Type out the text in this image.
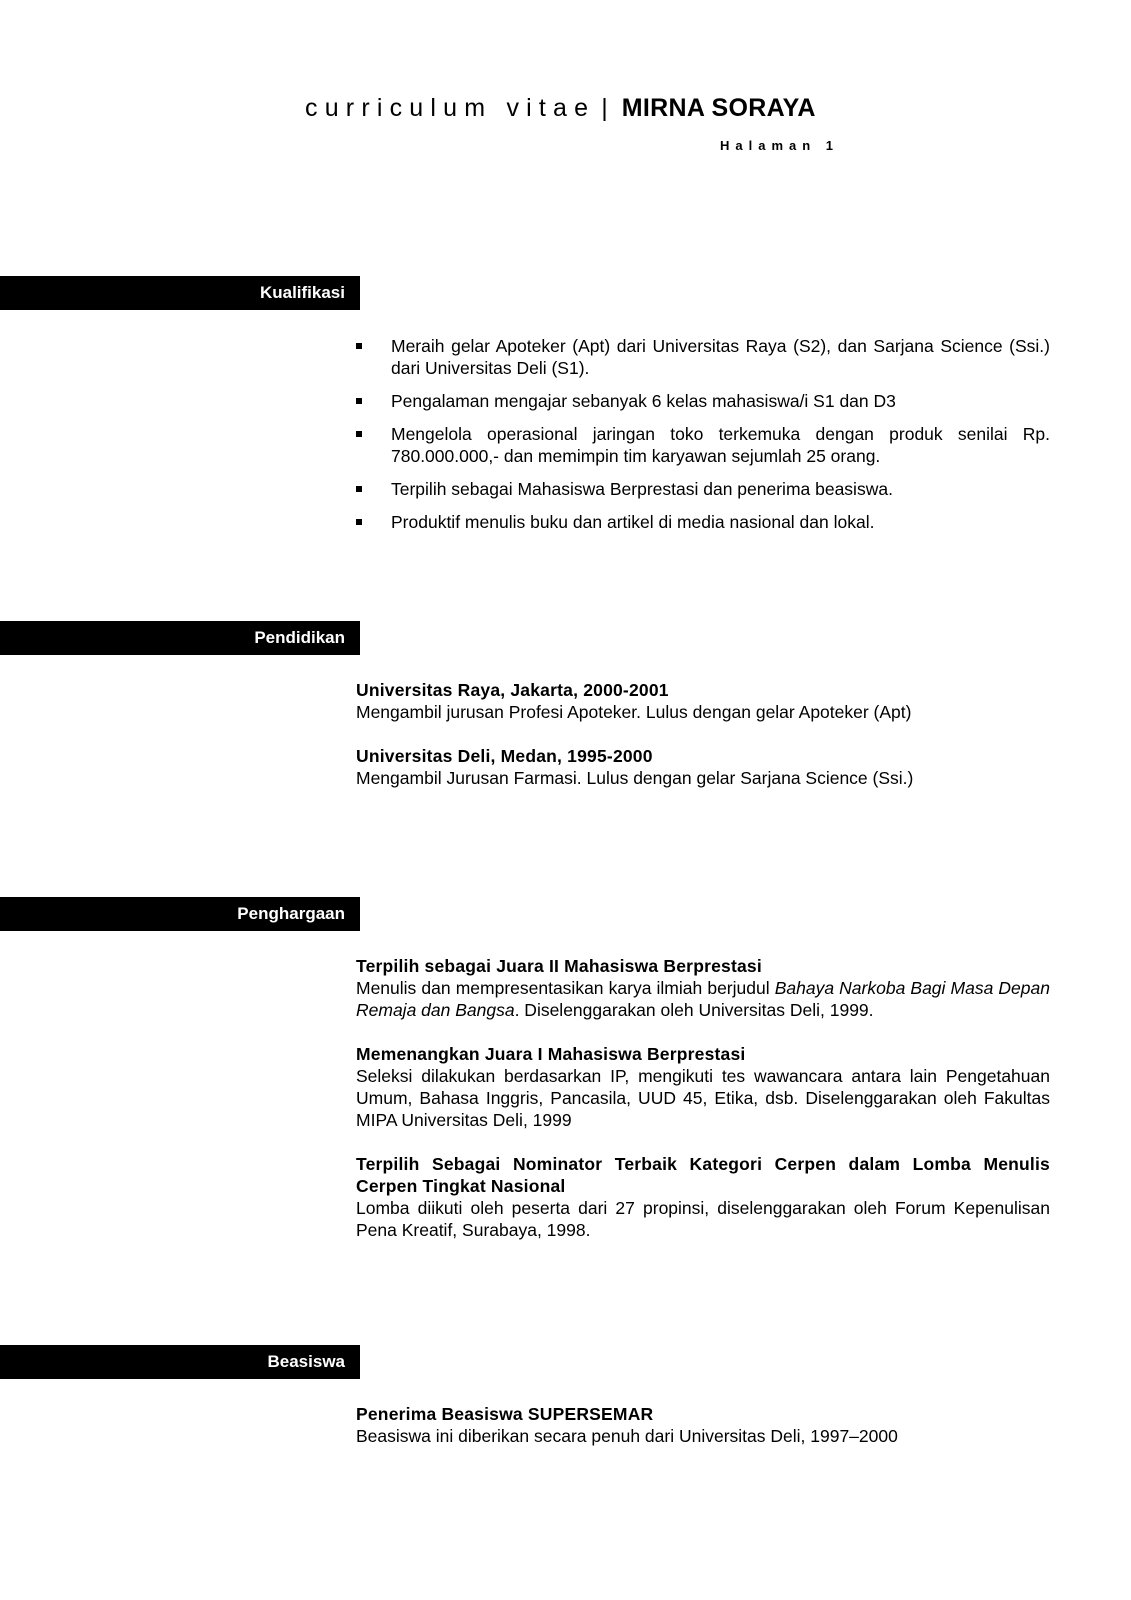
curriculum vitae | MIRNA SORAYA
Halaman 1
Kualifikasi
Meraih gelar Apoteker (Apt) dari Universitas Raya (S2), dan Sarjana Science (Ssi.) dari Universitas Deli (S1).
Pengalaman mengajar sebanyak 6 kelas mahasiswa/i S1 dan D3
Mengelola operasional jaringan toko terkemuka dengan produk senilai Rp. 780.000.000,- dan memimpin tim karyawan sejumlah 25 orang.
Terpilih sebagai Mahasiswa Berprestasi dan penerima beasiswa.
Produktif menulis buku dan artikel di media nasional dan lokal.
Pendidikan
Universitas Raya, Jakarta, 2000-2001
Mengambil jurusan Profesi Apoteker. Lulus dengan gelar Apoteker (Apt)
Universitas Deli, Medan, 1995-2000
Mengambil Jurusan Farmasi. Lulus dengan gelar Sarjana Science (Ssi.)
Penghargaan
Terpilih sebagai Juara II Mahasiswa Berprestasi
Menulis dan mempresentasikan karya ilmiah berjudul Bahaya Narkoba Bagi Masa Depan Remaja dan Bangsa. Diselenggarakan oleh Universitas Deli, 1999.
Memenangkan Juara I Mahasiswa Berprestasi
Seleksi dilakukan berdasarkan IP, mengikuti tes wawancara antara lain Pengetahuan Umum, Bahasa Inggris, Pancasila, UUD 45, Etika, dsb. Diselenggarakan oleh Fakultas MIPA Universitas Deli, 1999
Terpilih Sebagai Nominator Terbaik Kategori Cerpen dalam Lomba Menulis Cerpen Tingkat Nasional
Lomba diikuti oleh peserta dari 27 propinsi, diselenggarakan oleh Forum Kepenulisan Pena Kreatif, Surabaya, 1998.
Beasiswa
Penerima Beasiswa SUPERSEMAR
Beasiswa ini diberikan secara penuh dari Universitas Deli, 1997–2000
